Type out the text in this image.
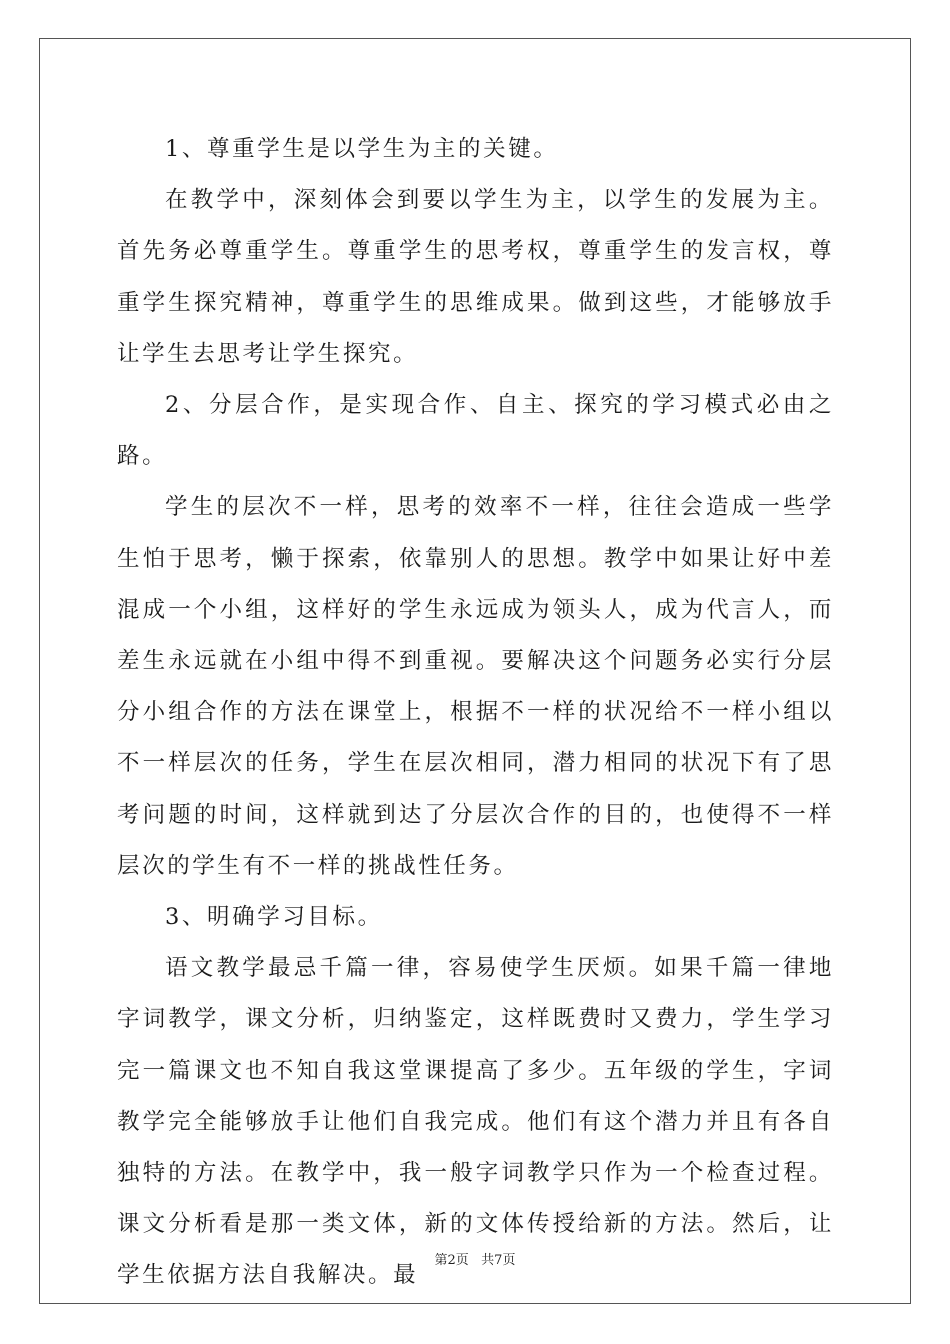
1、尊重学生是以学生为主的关键。

在教学中，深刻体会到要以学生为主，以学生的发展为主。首先务必尊重学生。尊重学生的思考权，尊重学生的发言权，尊重学生探究精神，尊重学生的思维成果。做到这些，才能够放手让学生去思考让学生探究。

2、分层合作，是实现合作、自主、探究的学习模式必由之路。

学生的层次不一样，思考的效率不一样，往往会造成一些学生怕于思考，懒于探索，依靠别人的思想。教学中如果让好中差混成一个小组，这样好的学生永远成为领头人，成为代言人，而差生永远就在小组中得不到重视。要解决这个问题务必实行分层分小组合作的方法在课堂上，根据不一样的状况给不一样小组以不一样层次的任务，学生在层次相同，潜力相同的状况下有了思考问题的时间，这样就到达了分层次合作的目的，也使得不一样层次的学生有不一样的挑战性任务。

3、明确学习目标。

语文教学最忌千篇一律，容易使学生厌烦。如果千篇一律地字词教学，课文分析，归纳鉴定，这样既费时又费力，学生学习完一篇课文也不知自我这堂课提高了多少。五年级的学生，字词教学完全能够放手让他们自我完成。他们有这个潜力并且有各自独特的方法。在教学中，我一般字词教学只作为一个检查过程。课文分析看是那一类文体，新的文体传授给新的方法。然后，让学生依据方法自我解决。最

第2页   共7页
